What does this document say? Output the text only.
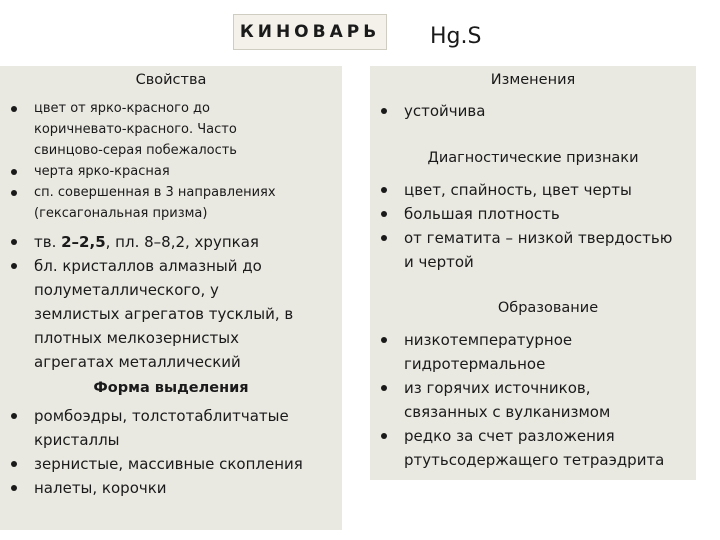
КИНОВАРЬ Hg.S
Свойства
цвет от ярко-красного до
коричневато-красного. Часто
свинцово-серая побежалость
черта ярко-красная
сп. совершенная в 3 направлениях
(гексагональная призма)
тв. 2–2,5, пл. 8–8,2, хрупкая
бл. кристаллов алмазный до
полуметаллического, у
землистых агрегатов тусклый, в
плотных мелкозернистых
агрегатах металлический
Форма выделения
ромбоэдры, толстотаблитчатые
кристаллы
зернистые, массивные скопления
налеты, корочки
Изменения
устойчива
Диагностические признаки
цвет, спайность, цвет черты
большая плотность
от гематита – низкой твердостью
и чертой
Образование
низкотемпературное
гидротермальное
из горячих источников,
связанных с вулканизмом
редко за счет разложения
ртутьсодержащего тетраэдрита
